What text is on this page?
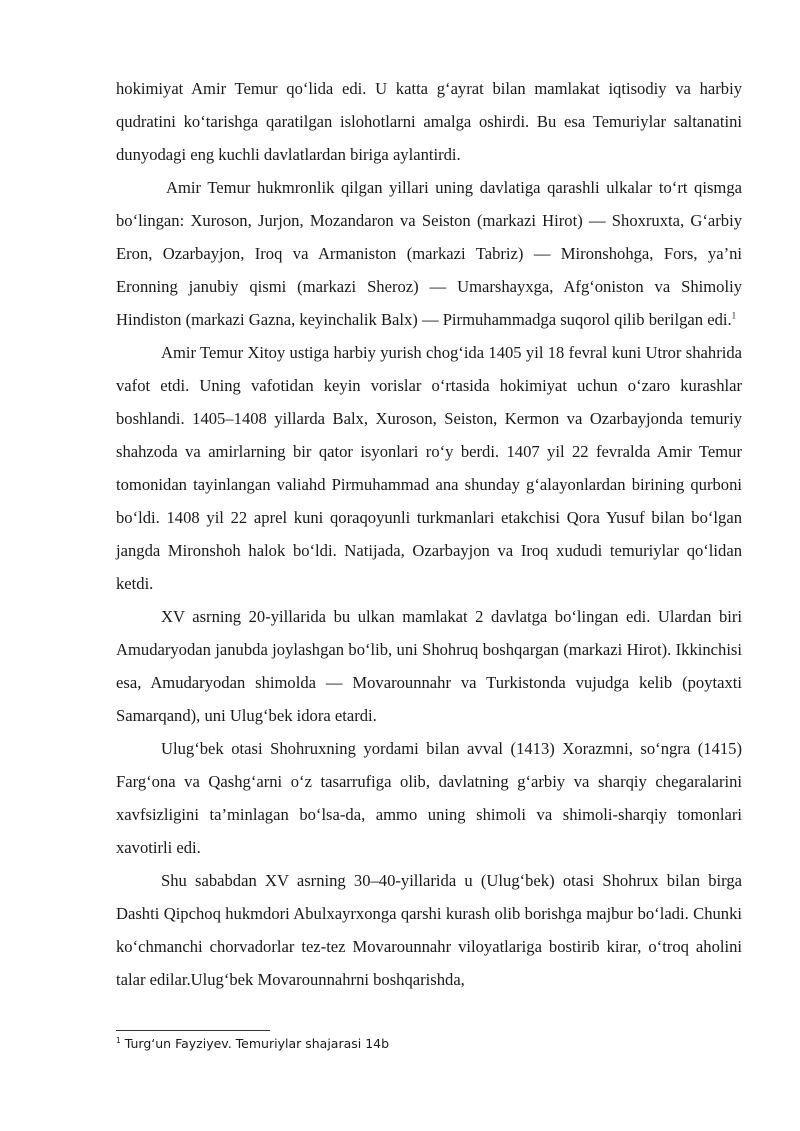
hokimiyat Amir Temur qo‘lida edi. U katta g‘ayrat bilan mamlakat iqtisodiy va harbiy qudratini ko‘tarishga qaratilgan islohotlarni amalga oshirdi. Bu esa Temuriylar saltanatini dunyodagi eng kuchli davlatlardan biriga aylantirdi.

Amir Temur hukmronlik qilgan yillari uning davlatiga qarashli ulkalar to‘rt qismga bo‘lingan: Xuroson, Jurjon, Mozandaron va Seiston (markazi Hirot) — Shoxruxta, G‘arbiy Eron, Ozarbayjon, Iroq va Armaniston (markazi Tabriz) — Mironshohga, Fors, ya’ni Eronning janubiy qismi (markazi Sheroz) — Umarshayxga, Afg‘oniston va Shimoliy Hindiston (markazi Gazna, keyinchalik Balx) — Pirmuhammadga suqorol qilib berilgan edi.$^1$

Amir Temur Xitoy ustiga harbiy yurish chog‘ida 1405 yil 18 fevral kuni Utror shahrida vafot etdi. Uning vafotidan keyin vorislar o‘rtasida hokimiyat uchun o‘zaro kurashlar boshlandi. 1405–1408 yillarda Balx, Xuroson, Seiston, Kermon va Ozarbayjonda temuriy shahzoda va amirlarning bir qator isyonlari ro‘y berdi. 1407 yil 22 fevralda Amir Temur tomonidan tayinlangan valiahd Pirmuhammad ana shunday g‘alayonlardan birining qurboni bo‘ldi. 1408 yil 22 aprel kuni qoraqoyunli turkmanlari etakchisi Qora Yusuf bilan bo‘lgan jangda Mironshoh halok bo‘ldi. Natijada, Ozarbayjon va Iroq xududi temuriylar qo‘lidan ketdi.

XV asrning 20-yillarida bu ulkan mamlakat 2 davlatga bo‘lingan edi. Ulardan biri Amudaryodan janubda joylashgan bo‘lib, uni Shohruq boshqargan (markazi Hirot). Ikkinchisi esa, Amudaryodan shimolda — Movarounnahr va Turkistonda vujudga kelib (poytaxti Samarqand), uni Ulug‘bek idora etardi.

Ulug‘bek otasi Shohruxning yordami bilan avval (1413) Xorazmni, so‘ngra (1415) Farg‘ona va Qashg‘arni o‘z tasarrufiga olib, davlatning g‘arbiy va sharqiy chegaralarini xavfsizligini ta’minlagan bo‘lsa-da, ammo uning shimoli va shimoli-sharqiy tomonlari xavotirli edi.

Shu sababdan XV asrning 30–40-yillarida u (Ulug‘bek) otasi Shohrux bilan birga Dashti Qipchoq hukmdori Abulxayrxonga qarshi kurash olib borishga majbur bo‘ladi. Chunki ko‘chmanchi chorvadorlar tez-tez Movarounnahr viloyatlariga bostirib kirar, o‘troq aholini talar edilar.Ulug‘bek Movarounnahrni boshqarishda,

$^1$ Turg‘un Fayziyev. Temuriylar shajarasi 14b
